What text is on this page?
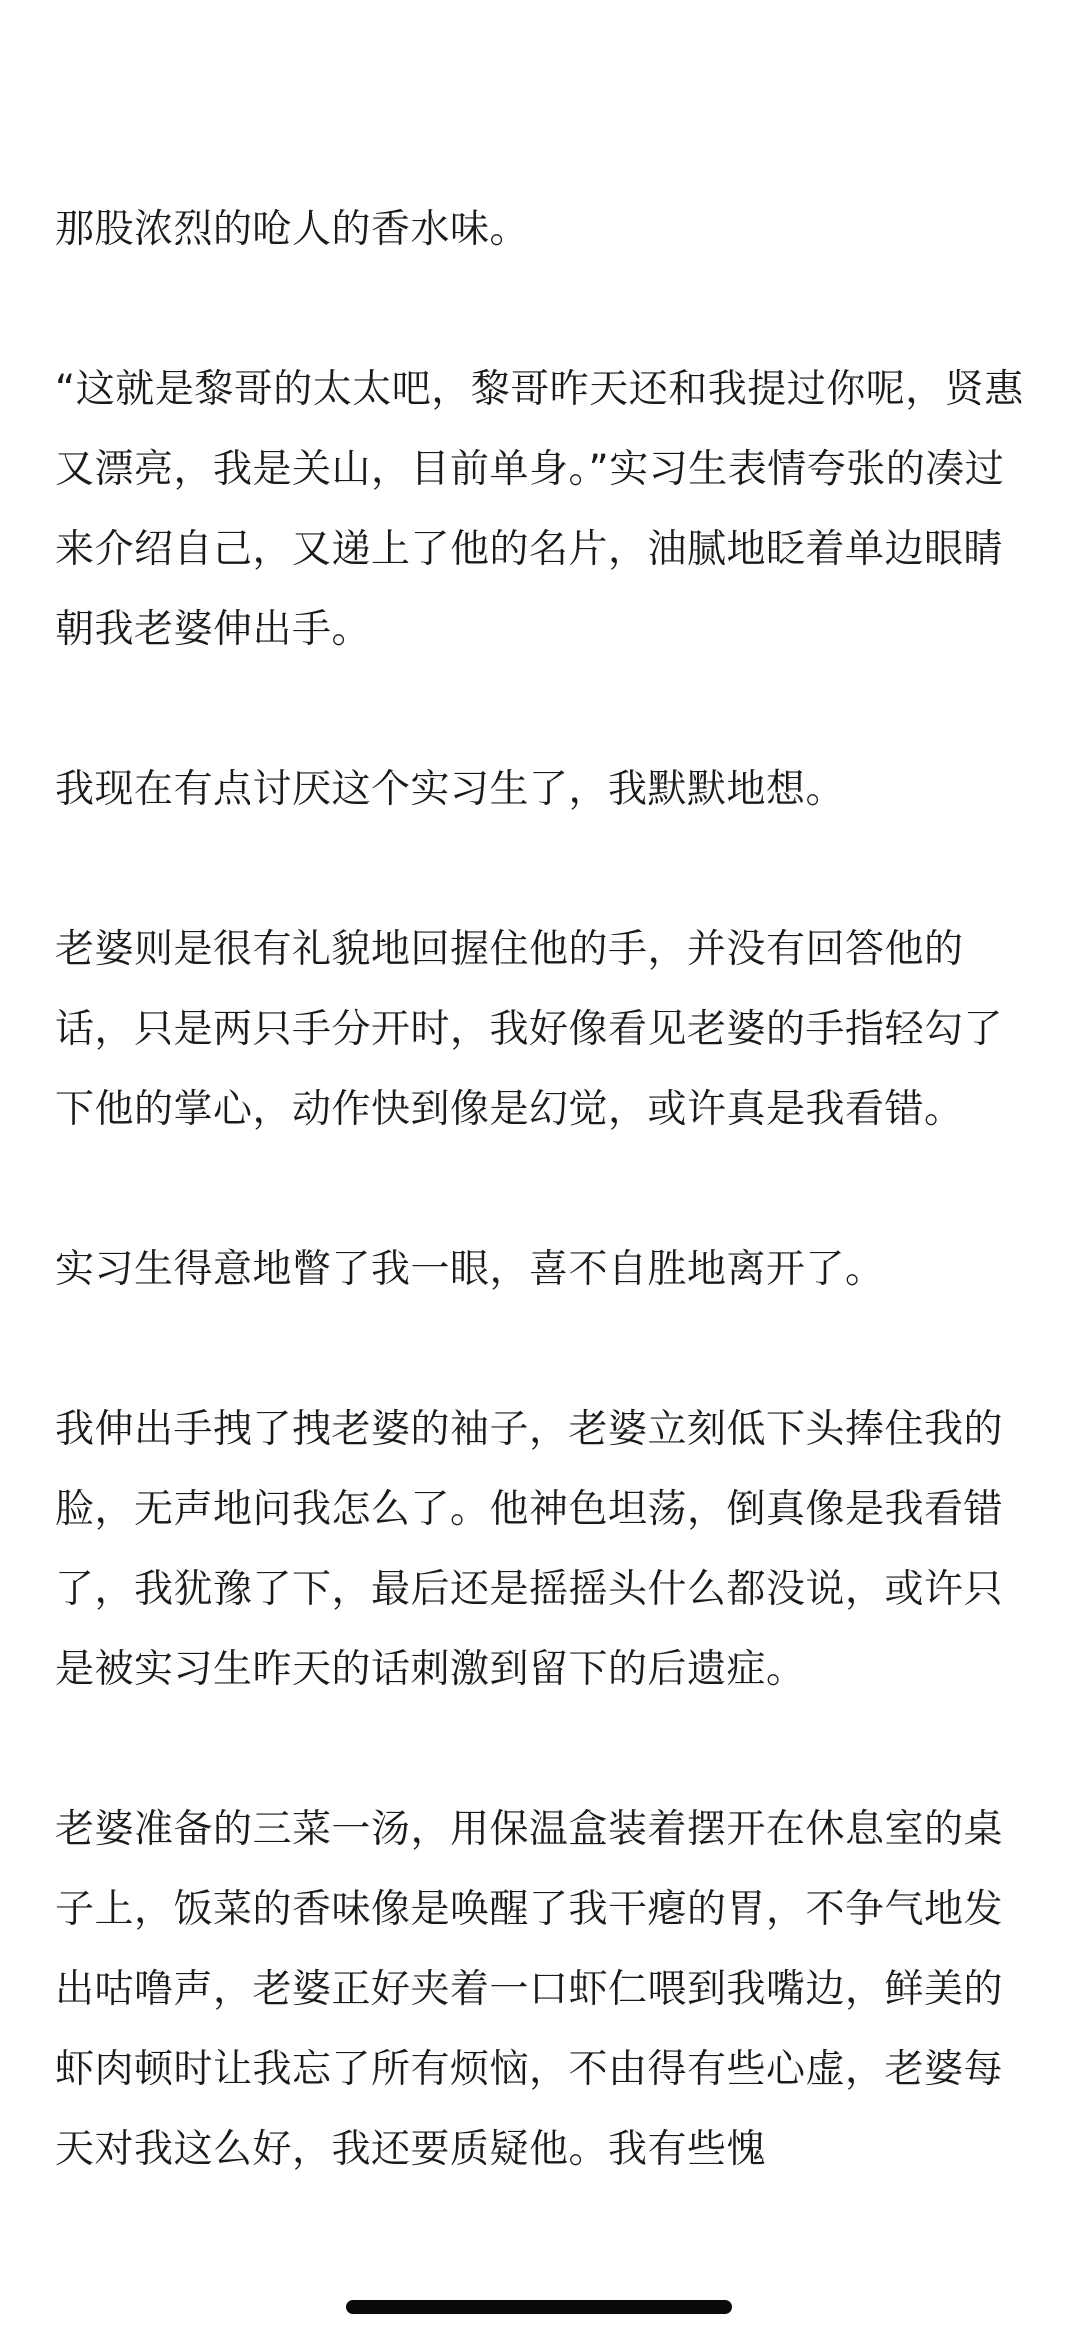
那股浓烈的呛人的香水味。

“这就是黎哥的太太吧，黎哥昨天还和我提过你呢，贤惠又漂亮，我是关山，目前单身。”实习生表情夸张的凑过来介绍自己，又递上了他的名片，油腻地眨着单边眼睛朝我老婆伸出手。

我现在有点讨厌这个实习生了，我默默地想。

老婆则是很有礼貌地回握住他的手，并没有回答他的话，只是两只手分开时，我好像看见老婆的手指轻勾了下他的掌心，动作快到像是幻觉，或许真是我看错。

实习生得意地瞥了我一眼，喜不自胜地离开了。

我伸出手拽了拽老婆的袖子，老婆立刻低下头捧住我的脸，无声地问我怎么了。他神色坦荡，倒真像是我看错了，我犹豫了下，最后还是摇摇头什么都没说，或许只是被实习生昨天的话刺激到留下的后遗症。

老婆准备的三菜一汤，用保温盒装着摆开在休息室的桌子上，饭菜的香味像是唤醒了我干瘪的胃，不争气地发出咕噜声，老婆正好夹着一口虾仁喂到我嘴边，鲜美的虾肉顿时让我忘了所有烦恼，不由得有些心虚，老婆每天对我这么好，我还要质疑他。我有些愧
